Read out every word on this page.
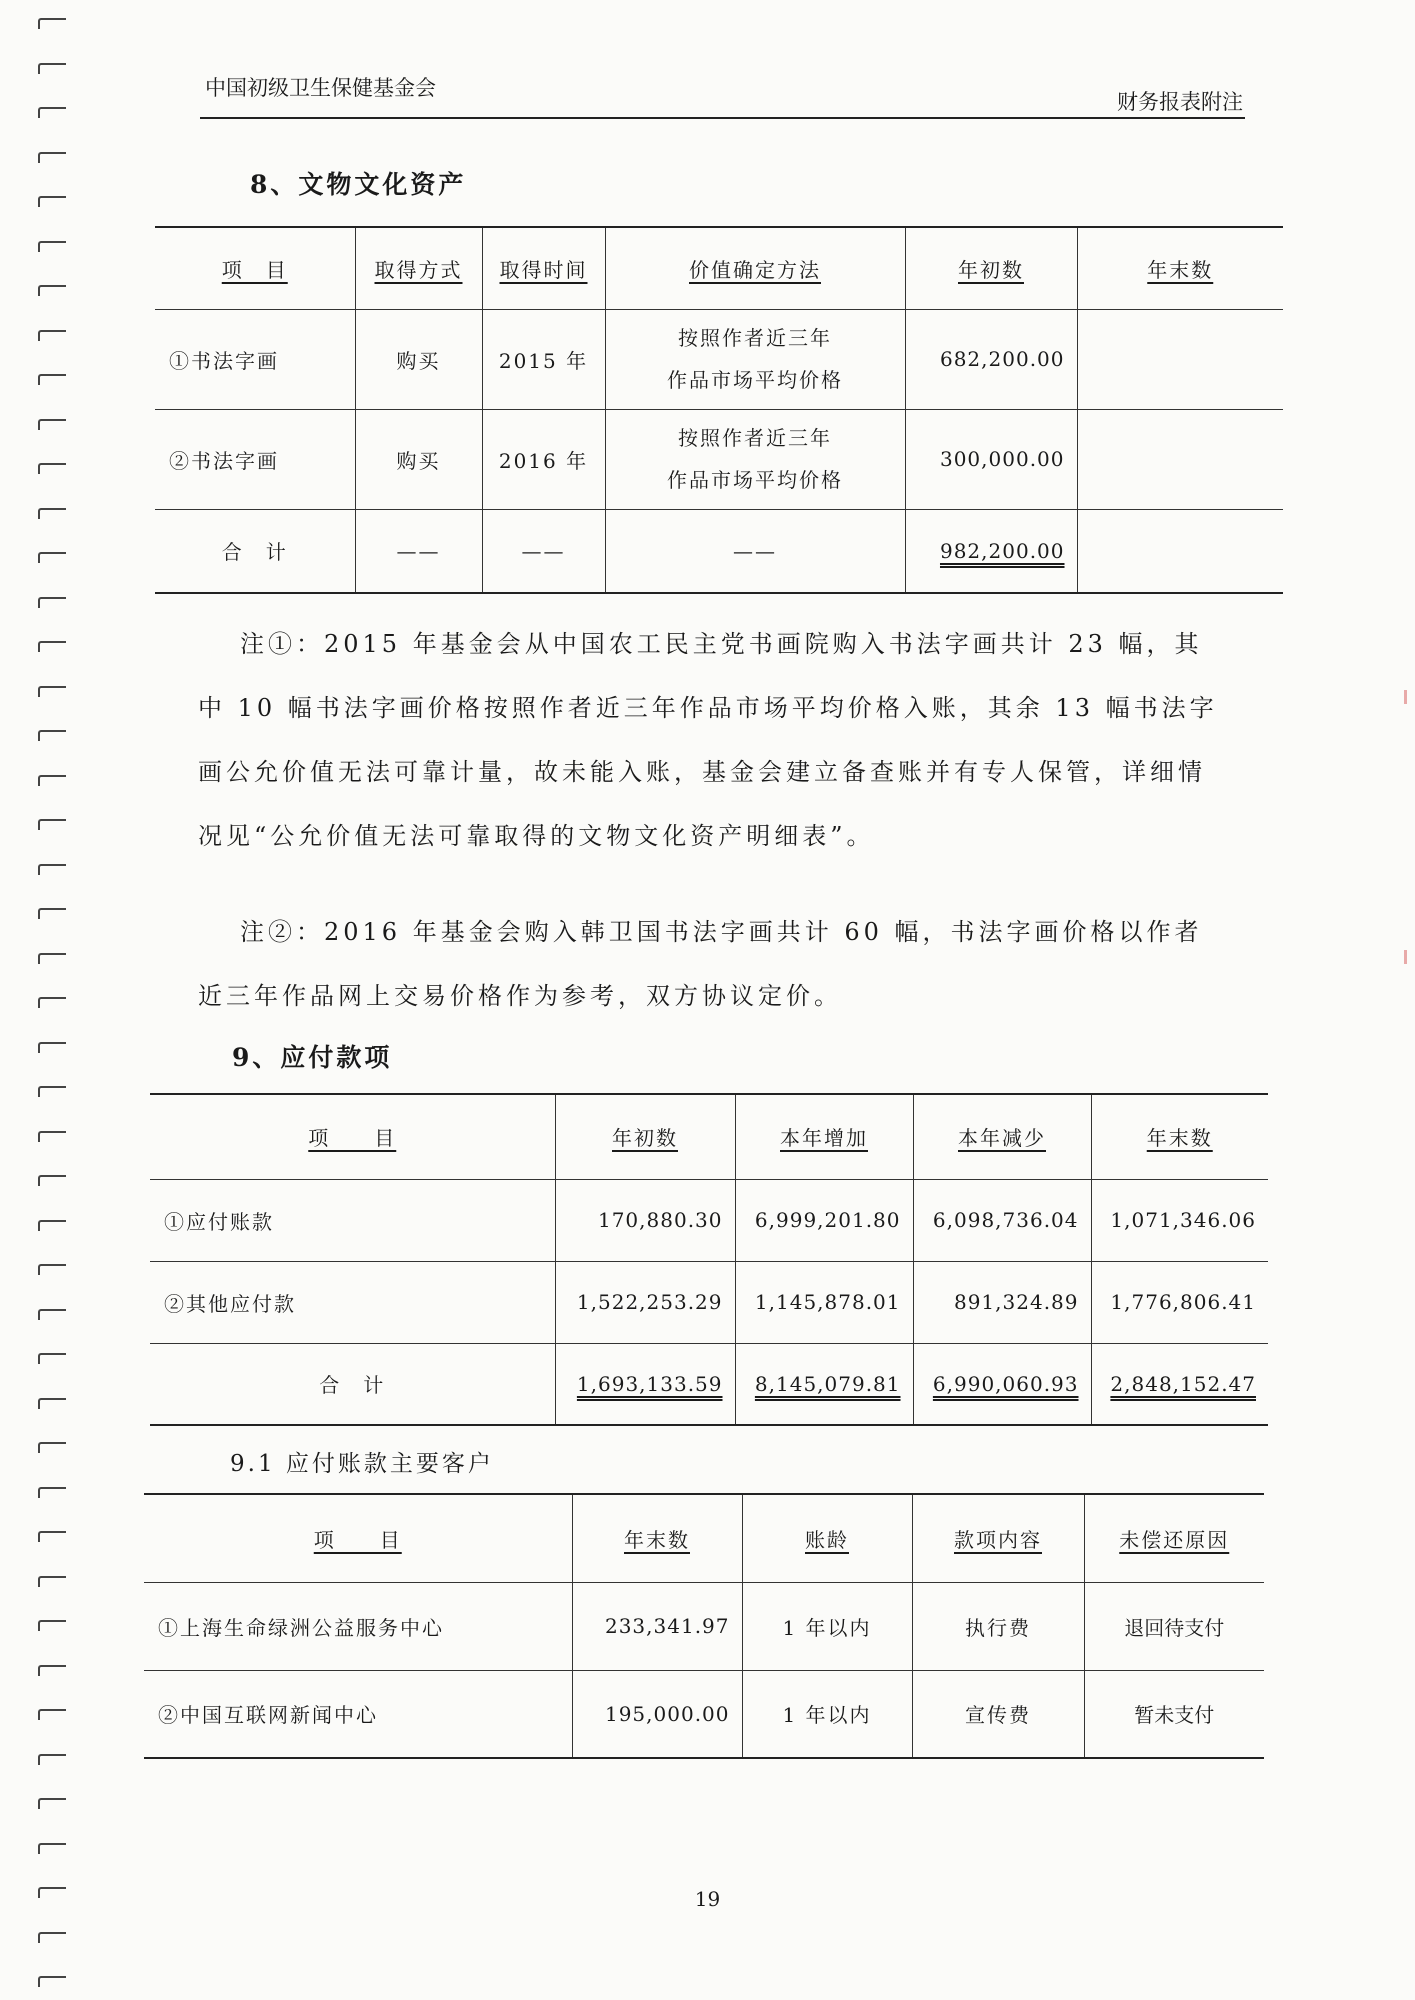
中国初级卫生保健基金会
财务报表附注
8、文物文化资产
项　目	取得方式	取得时间	价值确定方法	年初数	年末数
①书法字画	购买	2015 年	按照作者近三年
作品市场平均价格	682,200.00	
②书法字画	购买	2016 年	按照作者近三年
作品市场平均价格	300,000.00	
合　计	——	——	——	982,200.00	

注①：2015 年基金会从中国农工民主党书画院购入书法字画共计 23 幅，其中 10 幅书法字画价格按照作者近三年作品市场平均价格入账，其余 13 幅书法字画公允价值无法可靠计量，故未能入账，基金会建立备查账并有专人保管，详细情况见“公允价值无法可靠取得的文物文化资产明细表”。

注②：2016 年基金会购入韩卫国书法字画共计 60 幅，书法字画价格以作者近三年作品网上交易价格作为参考，双方协议定价。

9、应付款项
项　　目	年初数	本年增加	本年减少	年末数
①应付账款	170,880.30	6,999,201.80	6,098,736.04	1,071,346.06
②其他应付款	1,522,253.29	1,145,878.01	891,324.89	1,776,806.41
合　计	1,693,133.59	8,145,079.81	6,990,060.93	2,848,152.47
9.1 应付账款主要客户
项　　目	年末数	账龄	款项内容	未偿还原因
①上海生命绿洲公益服务中心	233,341.97	1 年以内	执行费	退回待支付
②中国互联网新闻中心	195,000.00	1 年以内	宣传费	暂未支付
19
